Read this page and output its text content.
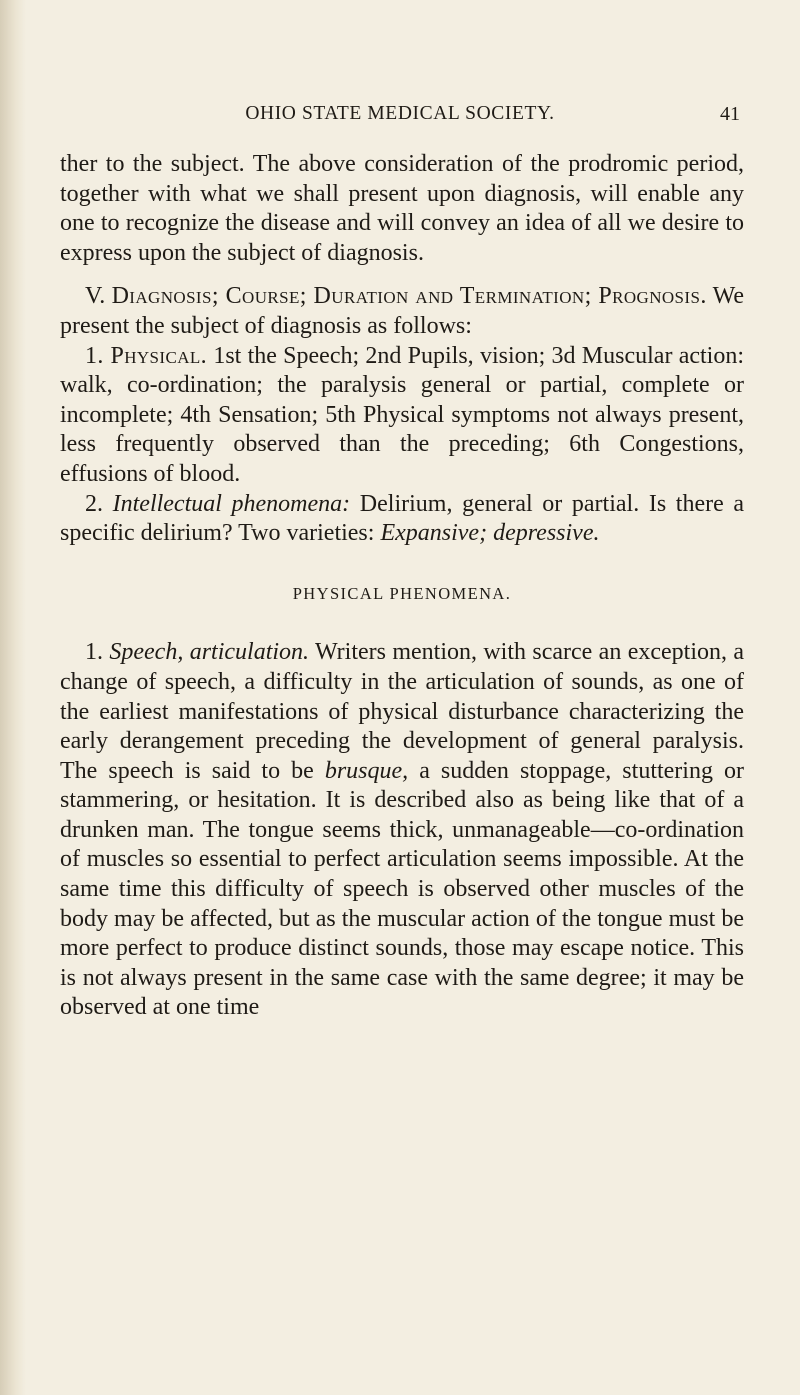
OHIO STATE MEDICAL SOCIETY.	41

ther to the subject. The above consideration of the prodromic period, together with what we shall present upon diagnosis, will enable any one to recognize the disease and will convey an idea of all we desire to express upon the subject of diagnosis.

V. Diagnosis; Course; Duration and Termination; Prognosis. We present the subject of diagnosis as follows:

1. Physical. 1st the Speech; 2nd Pupils, vision; 3d Muscular action: walk, co-ordination; the paralysis general or partial, complete or incomplete; 4th Sensation; 5th Physical symptoms not always present, less frequently observed than the preceding; 6th Congestions, effusions of blood.

2. Intellectual phenomena: Delirium, general or partial. Is there a specific delirium? Two varieties: Expansive; depressive.

PHYSICAL PHENOMENA.

1. Speech, articulation. Writers mention, with scarce an exception, a change of speech, a difficulty in the articulation of sounds, as one of the earliest manifestations of physical disturbance characterizing the early derangement preceding the development of general paralysis. The speech is said to be brusque, a sudden stoppage, stuttering or stammering, or hesitation. It is described also as being like that of a drunken man. The tongue seems thick, unmanageable—co-ordination of muscles so essential to perfect articulation seems impossible. At the same time this difficulty of speech is observed other muscles of the body may be affected, but as the muscular action of the tongue must be more perfect to produce distinct sounds, those may escape notice. This is not always present in the same case with the same degree; it may be observed at one time
